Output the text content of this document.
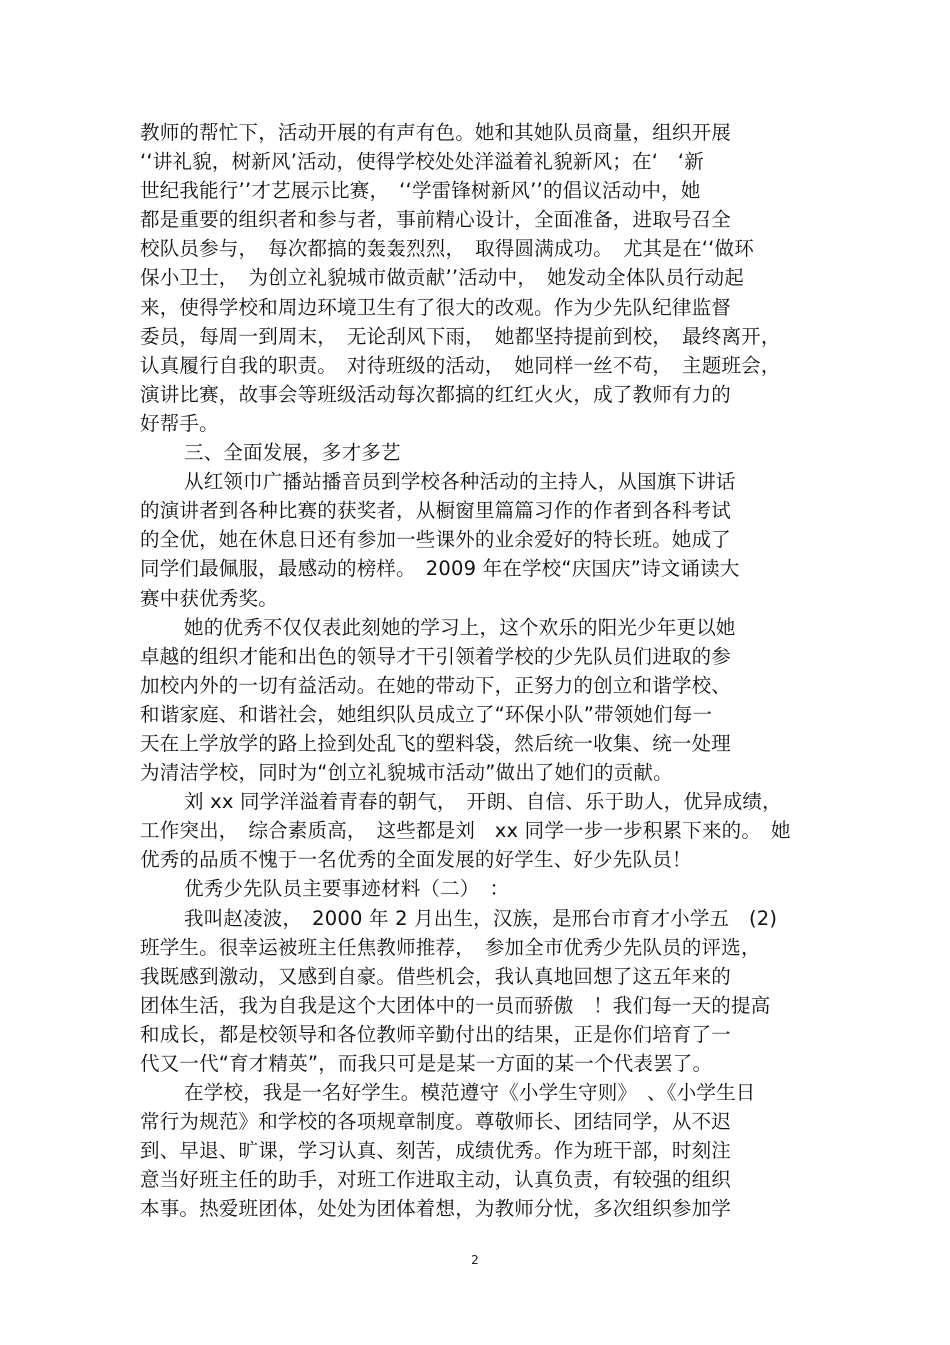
教师的帮忙下，活动开展的有声有色。她和其她队员商量，组织开展
‘‘讲礼貌，树新风’活动，使得学校处处洋溢着礼貌新风；在‘　‘新
世纪我能行’’才艺展示比赛，　‘‘学雷锋树新风’’的倡议活动中，她
都是重要的组织者和参与者，事前精心设计，全面准备，进取号召全
校队员参与，　每次都搞的轰轰烈烈，　取得圆满成功。　尤其是在‘‘做环
保小卫士，　为创立礼貌城市做贡献’’活动中，　她发动全体队员行动起
来，使得学校和周边环境卫生有了很大的改观。作为少先队纪律监督
委员，每周一到周末，　无论刮风下雨，　她都坚持提前到校，　最终离开，
认真履行自我的职责。　对待班级的活动，　她同样一丝不苟，　主题班会，
演讲比赛，故事会等班级活动每次都搞的红红火火，成了教师有力的
好帮手。
三、全面发展，多才多艺
从红领巾广播站播音员到学校各种活动的主持人，从国旗下讲话
的演讲者到各种比赛的获奖者，从橱窗里篇篇习作的作者到各科考试
的全优，她在休息日还有参加一些课外的业余爱好的特长班。她成了
同学们最佩服，最感动的榜样。　2009 年在学校“庆国庆”诗文诵读大
赛中获优秀奖。
她的优秀不仅仅表此刻她的学习上，这个欢乐的阳光少年更以她
卓越的组织才能和出色的领导才干引领着学校的少先队员们进取的参
加校内外的一切有益活动。在她的带动下，正努力的创立和谐学校、
和谐家庭、和谐社会，她组织队员成立了“环保小队”带领她们每一
天在上学放学的路上捡到处乱飞的塑料袋，然后统一收集、统一处理
为清洁学校，同时为“创立礼貌城市活动”做出了她们的贡献。
刘 xx 同学洋溢着青春的朝气，　开朗、自信、乐于助人，优异成绩，
工作突出，　综合素质高，　这些都是刘　xx 同学一步一步积累下来的。　她
优秀的品质不愧于一名优秀的全面发展的好学生、好少先队员！
优秀少先队员主要事迹材料（二）　：
我叫赵凌波，　2000 年 2 月出生，汉族，是邢台市育才小学五　(2)
班学生。很幸运被班主任焦教师推荐，　参加全市优秀少先队员的评选，
我既感到激动，又感到自豪。借些机会，我认真地回想了这五年来的
团体生活，我为自我是这个大团体中的一员而骄傲　！我们每一天的提高
和成长，都是校领导和各位教师辛勤付出的结果，正是你们培育了一
代又一代“育才精英”，而我只可是是某一方面的某一个代表罢了。
在学校，我是一名好学生。模范遵守《小学生守则》　、《小学生日
常行为规范》和学校的各项规章制度。尊敬师长、团结同学，从不迟
到、早退、旷课，学习认真、刻苦，成绩优秀。作为班干部，时刻注
意当好班主任的助手，对班工作进取主动，认真负责，有较强的组织
本事。热爱班团体，处处为团体着想，为教师分忧，多次组织参加学
2
